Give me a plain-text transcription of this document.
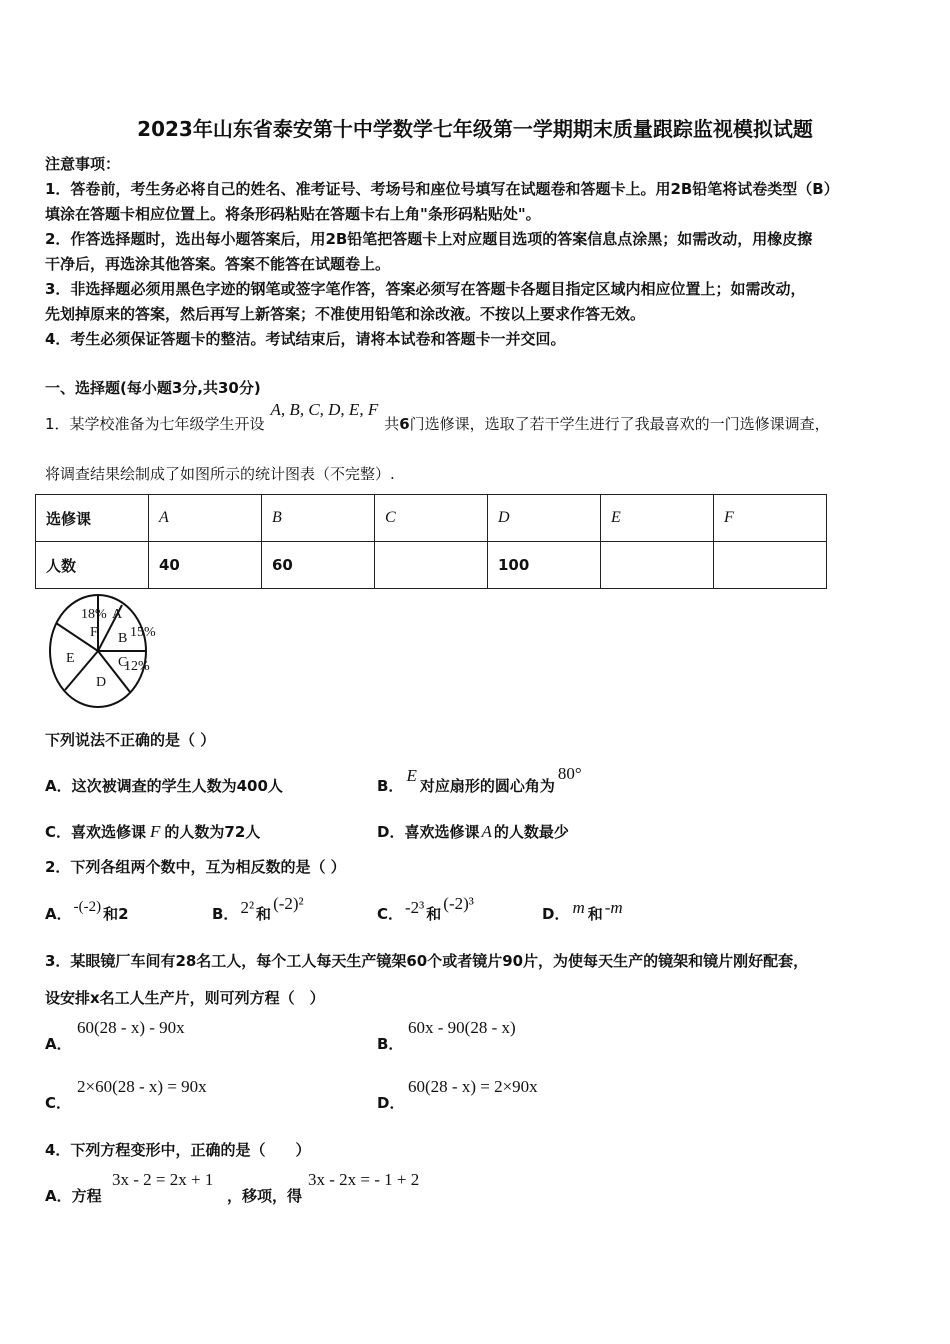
2023年山东省泰安第十中学数学七年级第一学期期末质量跟踪监视模拟试题
注意事项：
1．答卷前，考生务必将自己的姓名、准考证号、考场号和座位号填写在试题卷和答题卡上。用2B铅笔将试卷类型（B）
填涂在答题卡相应位置上。将条形码粘贴在答题卡右上角"条形码粘贴处"。
2．作答选择题时，选出每小题答案后，用2B铅笔把答题卡上对应题目选项的答案信息点涂黑；如需改动，用橡皮擦
干净后，再选涂其他答案。答案不能答在试题卷上。
3．非选择题必须用黑色字迹的钢笔或签字笔作答，答案必须写在答题卡各题目指定区域内相应位置上；如需改动，
先划掉原来的答案，然后再写上新答案；不准使用铅笔和涂改液。不按以上要求作答无效。
4．考生必须保证答题卡的整洁。考试结束后，请将本试卷和答题卡一并交回。
一、选择题(每小题3分,共30分)
1．某学校准备为七年级学生开设A, B, C, D, E, F共6门选修课，选取了若干学生进行了我最喜欢的一门选修课调查，
将调查结果绘制成了如图所示的统计图表（不完整）.
选修课	A	B	C	D	E	F
人数	40	60		100		
A
B
C
D
E
F
18%
15%
12%
下列说法不正确的是（ ）
A．这次被调查的学生人数为400人	B．E对应扇形的圆心角为80°
C．喜欢选修课 F 的人数为72人	D．喜欢选修课 A 的人数最少
2．下列各组两个数中，互为相反数的是（ ）
A． -(-2) 和2	B． 2² 和(-2)²
C． -2³ 和(-2)³
D． m 和 -m
3．某眼镜厂车间有28名工人，每个工人每天生产镜架60个或者镜片90片，为使每天生产的镜架和镜片刚好配套，
设安排x名工人生产片，则可列方程（　）
A．
60(28 - x) - 90x
B．
60x - 90(28 - x)
C．
2×60(28 - x) = 90x
D．
60(28 - x) = 2×90x
4．下列方程变形中，正确的是（　　）
A．方程
3x - 2 = 2x + 1
，移项，得
3x - 2x = - 1 + 2
